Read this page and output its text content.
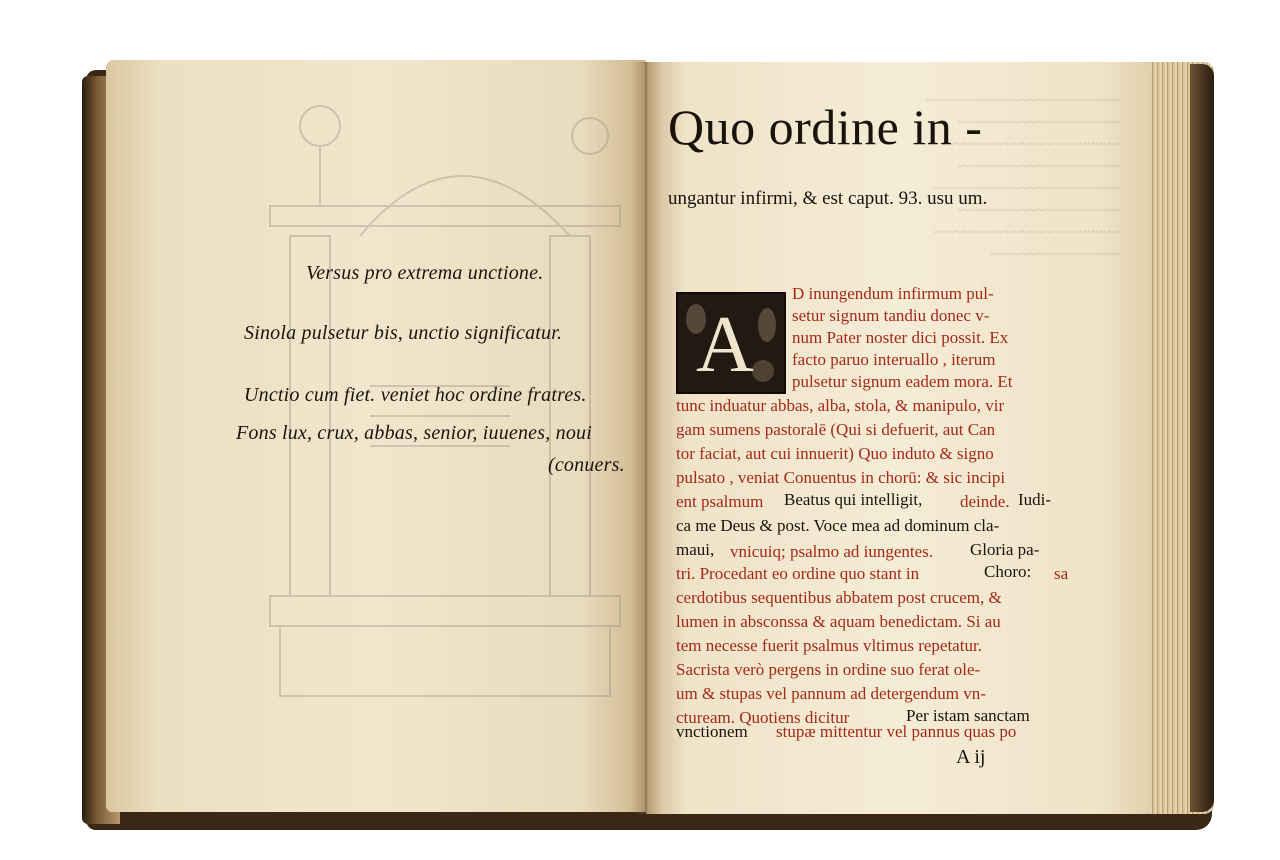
~~~~~~~~~~~~~~~~~~~~~~~~
~~~~~~~~~~~~~~~~~~~~
~~~~~~~~~~~~~~~~~~~~~~
~~~~~~~~~~~~~~~~~~~~
~~~~~~~~~~~~~~~~~~~~~~~
~~~~~~~~~~~~~~~~~~~~
~~~~~~~~~~~~~~~~~~~~~~~
~~~~~~~~~~~~~~~~
Versus pro extrema unctione.
Sinola pulsetur bis, unctio significatur.
Unctio cum fiet. veniet hoc ordine fratres.
Fons lux, crux, abbas, senior, iuuenes, noui
(conuers.
Quo ordine in -
ungantur infirmi, & est caput. 93. usu um.
A
D inungendum infirmum pul-
setur signum tandiu donec v-
num Pater noster dici possit. Ex
facto paruo interuallo , iterum
pulsetur signum eadem mora. Et
tunc induatur abbas, alba, stola, & manipulo, vir
gam sumens pastoralē (Qui si defuerit, aut Can
tor faciat, aut cui innuerit) Quo induto & signo
pulsato , veniat Conuentus in chorū: & sic incipi
ent psalmum Beatus qui intelligit, deinde. Iudi-
ca me Deus & post. Voce mea ad dominum cla-
maui, vnicuiq; psalmo ad iungentes. Gloria pa-
tri. Procedant eo ordine quo stant in	Choro: sa
cerdotibus sequentibus abbatem post crucem, &
lumen in absconssa & aquam benedictam. Si au
tem necesse fuerit psalmus vltimus repetatur.
Sacrista verò pergens in ordine suo ferat ole-
um & stupas vel pannum ad detergendum vn-
ctuream. Quotiens dicitur	Per istam sanctam
vnctionem stupæ mittentur vel pannus quas po
A ij
